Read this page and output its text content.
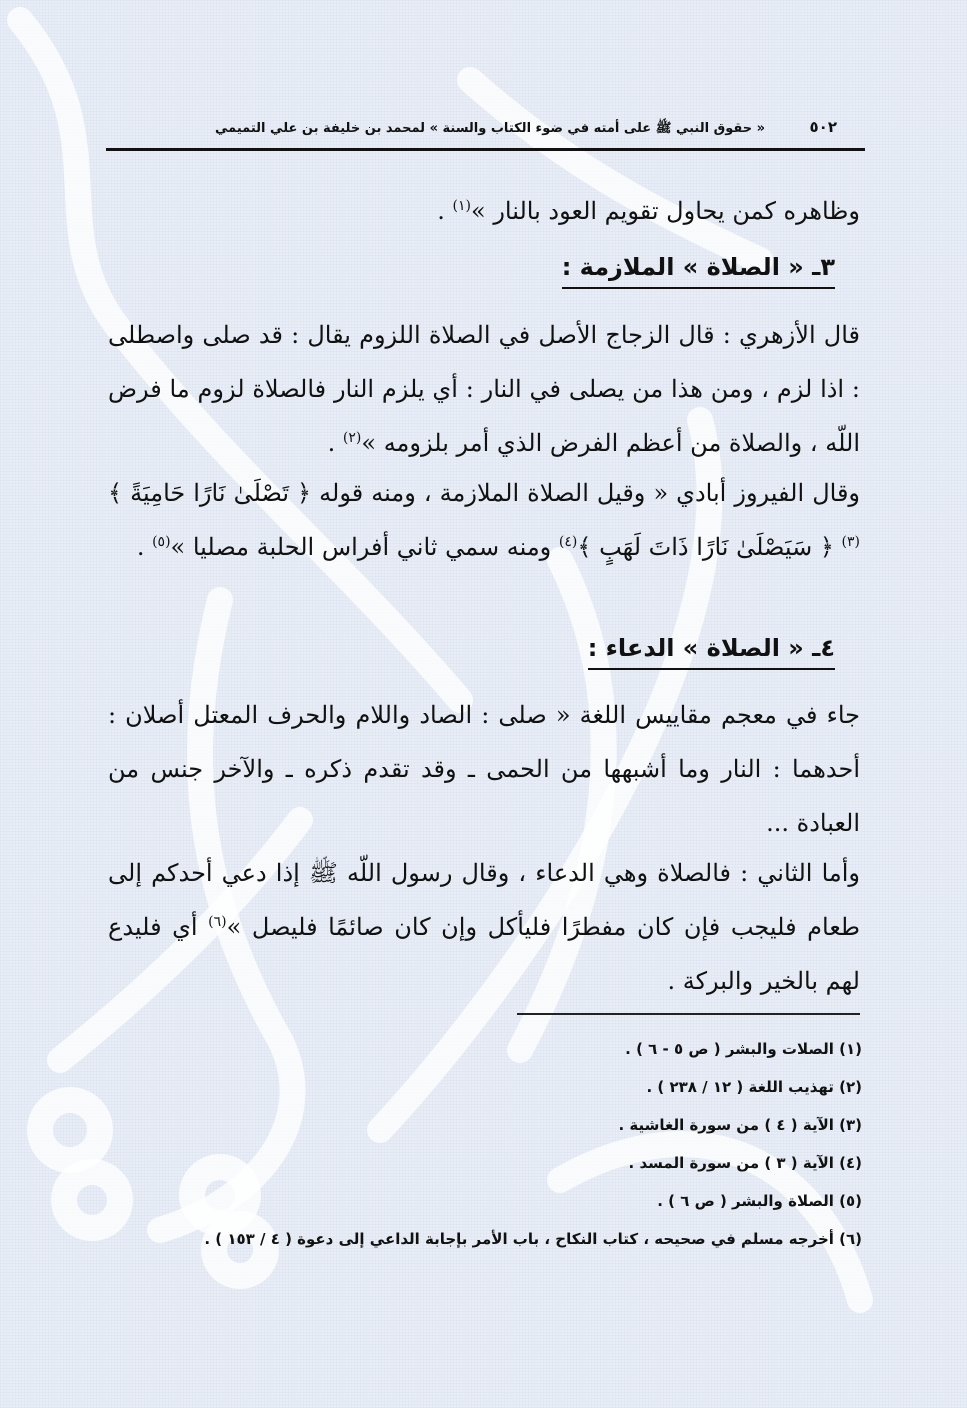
٥٠٢
« حقوق النبي ﷺ على أمته في ضوء الكتاب والسنة » لمحمد بن خليفة بن علي التميمي
وظاهره كمن يحاول تقويم العود بالنار »$^{(١)}$ .
٣ـ « الصلاة » الملازمة :
قال الأزهري : قال الزجاج الأصل في الصلاة اللزوم يقال : قد صلى واصطلى : اذا لزم ، ومن هذا من يصلى في النار : أي يلزم النار فالصلاة لزوم ما فرض اللّه ، والصلاة من أعظم الفرض الذي أمر بلزومه »$^{(٢)}$ .
وقال الفيروز أبادي « وقيل الصلاة الملازمة ، ومنه قوله ﴿ تَصْلَىٰ نَارًا حَامِيَةً ﴾$^{(٣)}$ ﴿ سَيَصْلَىٰ نَارًا ذَاتَ لَهَبٍ ﴾$^{(٤)}$ ومنه سمي ثاني أفراس الحلبة مصليا »$^{(٥)}$ .
٤ـ « الصلاة » الدعاء :
جاء في معجم مقاييس اللغة « صلى : الصاد واللام والحرف المعتل أصلان : أحدهما : النار وما أشبهها من الحمى ـ وقد تقدم ذكره ـ والآخر جنس من العبادة ...
وأما الثاني : فالصلاة وهي الدعاء ، وقال رسول اللّه ﷺ إذا دعي أحدكم إلى طعام فليجب فإن كان مفطرًا فليأكل وإن كان صائمًا فليصل »$^{(٦)}$ أي فليدع لهم بالخير والبركة .
(١) الصلات والبشر ( ص ٥ - ٦ ) .
(٢) تهذيب اللغة ( ١٢ / ٢٣٨ ) .
(٣) الآية ( ٤ ) من سورة الغاشية .
(٤) الآية ( ٣ ) من سورة المسد .
(٥) الصلاة والبشر ( ص ٦ ) .
(٦) أخرجه مسلم في صحيحه ، كتاب النكاح ، باب الأمر بإجابة الداعي إلى دعوة ( ٤ / ١٥٣ ) .
